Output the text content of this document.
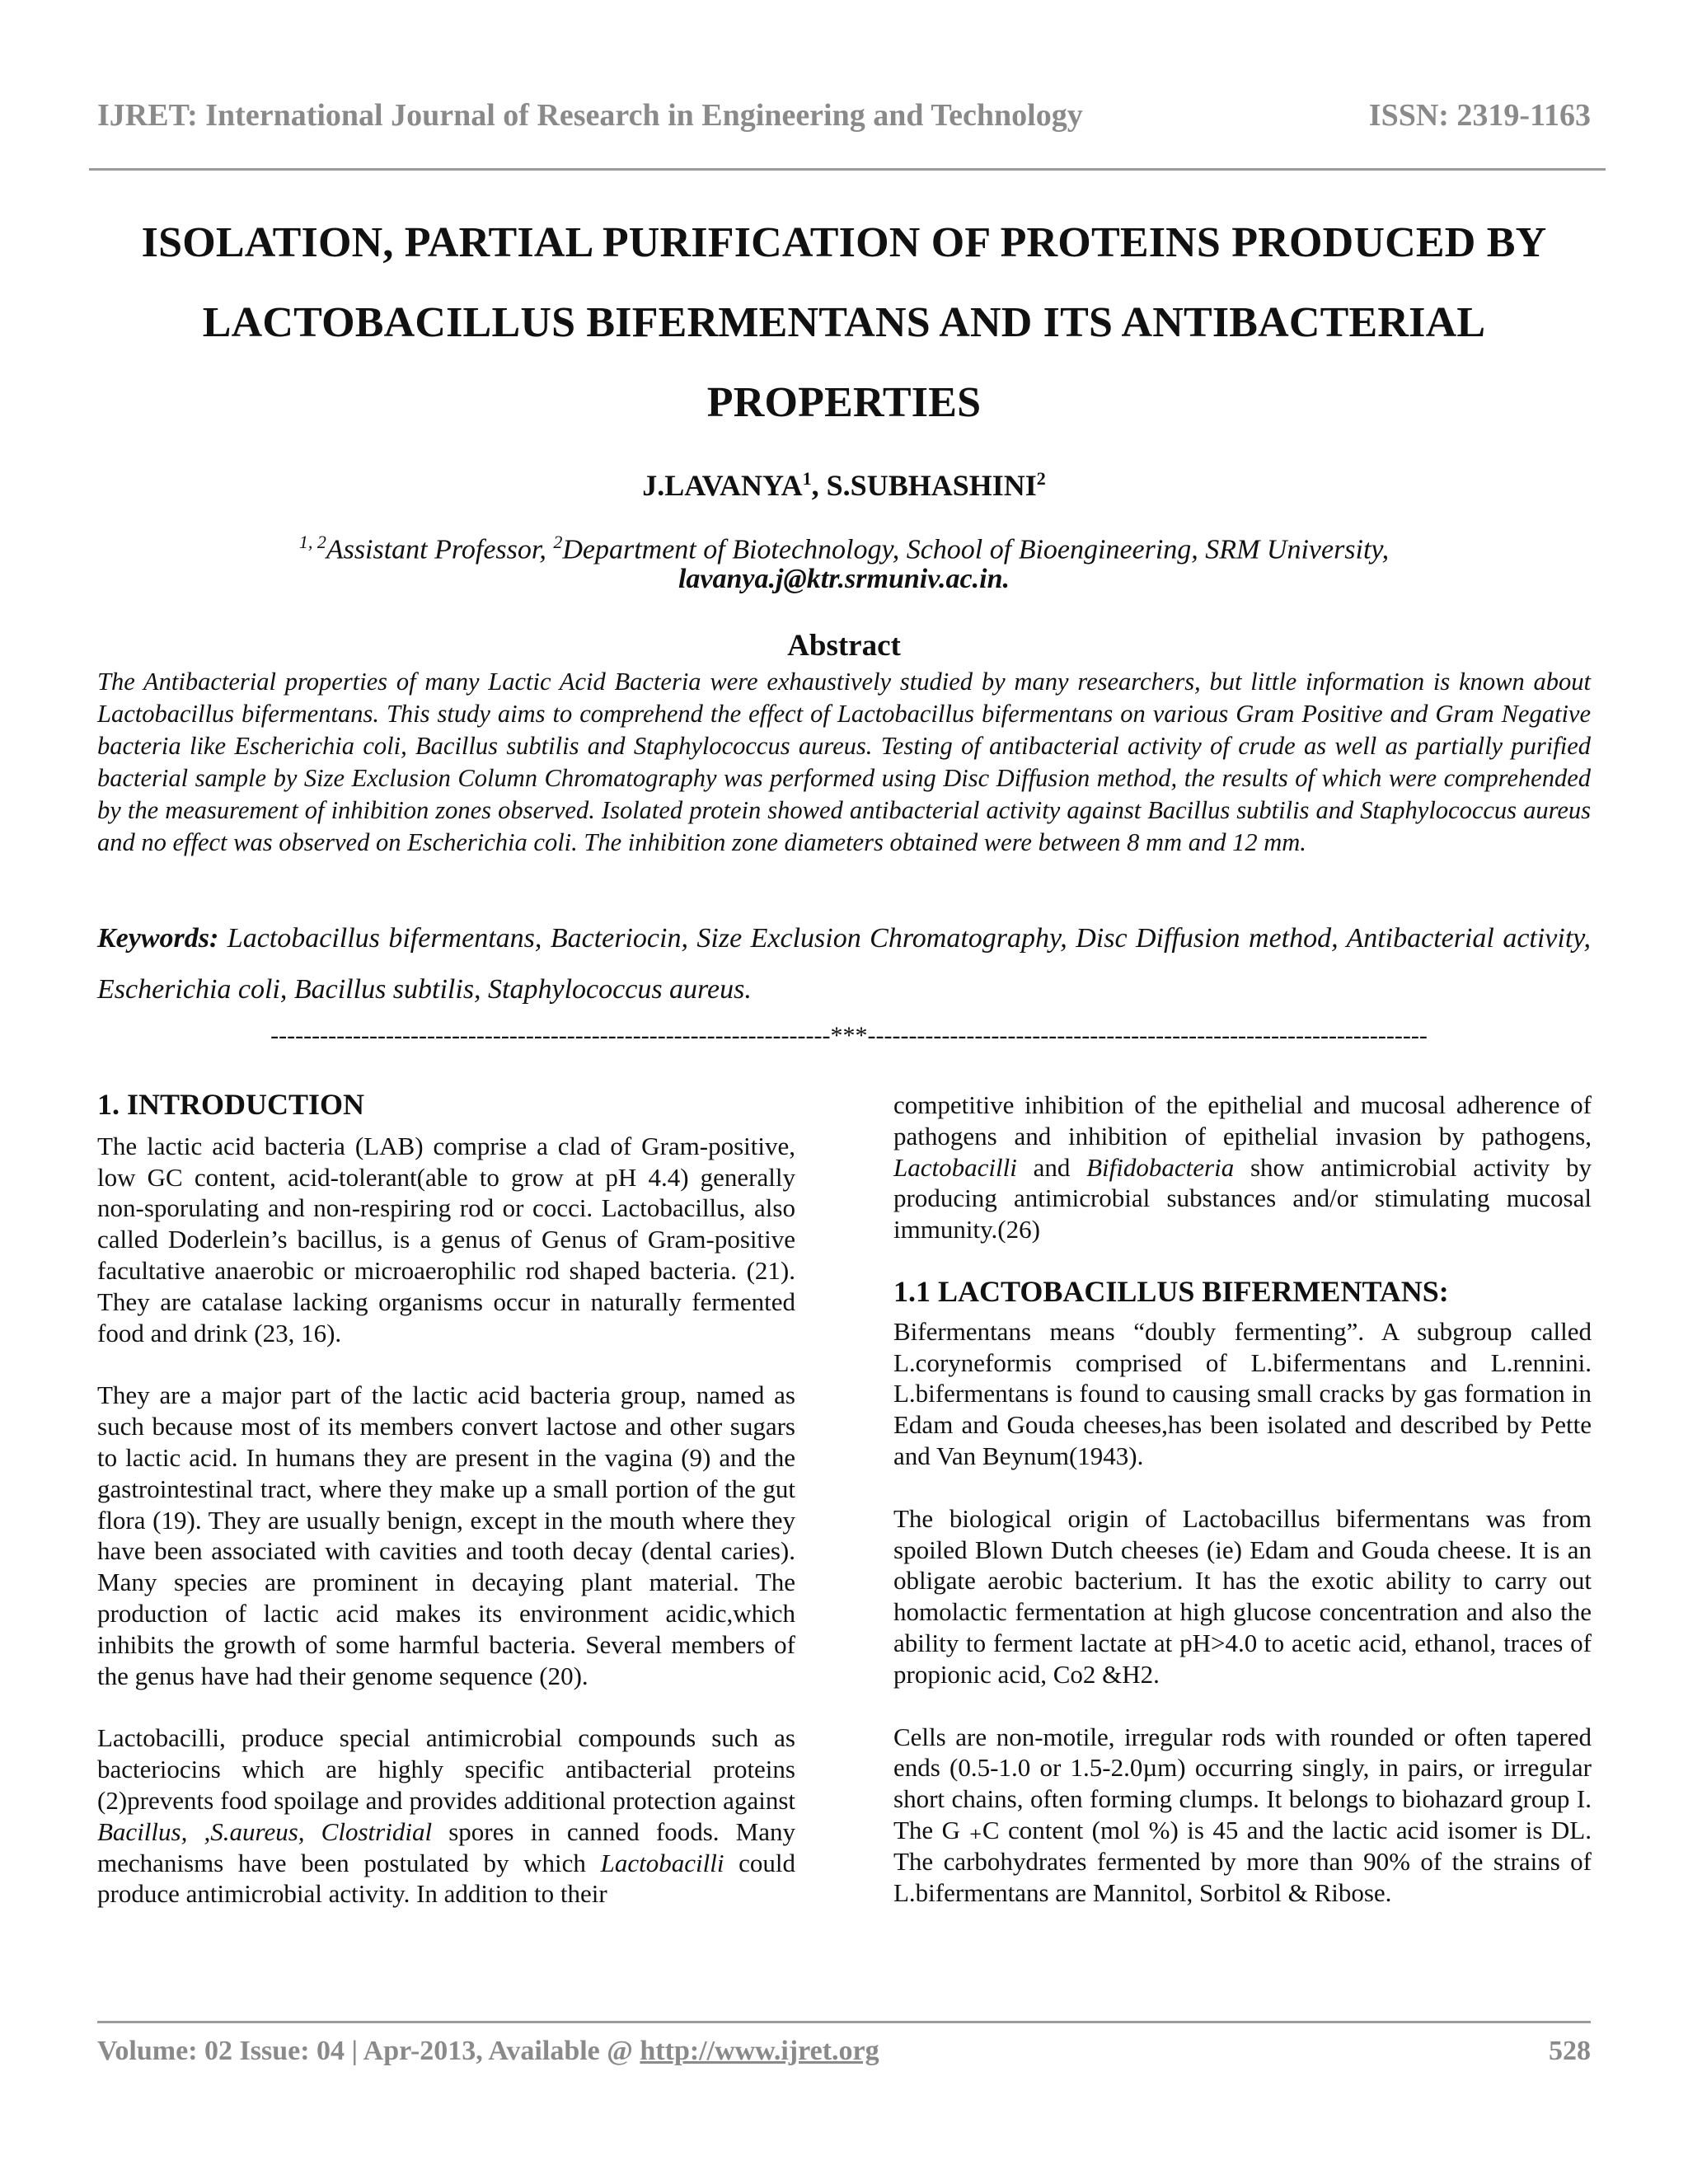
IJRET: International Journal of Research in Engineering and Technology	ISSN: 2319-1163
ISOLATION, PARTIAL PURIFICATION OF PROTEINS PRODUCED BY
LACTOBACILLUS BIFERMENTANS AND ITS ANTIBACTERIAL
PROPERTIES
J.LAVANYA$^1$, S.SUBHASHINI$^2$
$^{1, 2}$Assistant Professor, $^2$Department of Biotechnology, School of Bioengineering, SRM University,
lavanya.j@ktr.srmuniv.ac.in.
Abstract

The Antibacterial properties of many Lactic Acid Bacteria were exhaustively studied by many researchers, but little information is known about Lactobacillus bifermentans. This study aims to comprehend the effect of Lactobacillus bifermentans on various Gram Positive and Gram Negative bacteria like Escherichia coli, Bacillus subtilis and Staphylococcus aureus. Testing of antibacterial activity of crude as well as partially purified bacterial sample by Size Exclusion Column Chromatography was performed using Disc Diffusion method, the results of which were comprehended by the measurement of inhibition zones observed. Isolated protein showed antibacterial activity against Bacillus subtilis and Staphylococcus aureus and no effect was observed on Escherichia coli. The inhibition zone diameters obtained were between 8 mm and 12 mm.

Keywords: Lactobacillus bifermentans, Bacteriocin, Size Exclusion Chromatography, Disc Diffusion method, Antibacterial activity, Escherichia coli, Bacillus subtilis, Staphylococcus aureus.

--------------------------------------------------------------------***--------------------------------------------------------------------
1. INTRODUCTION

The lactic acid bacteria (LAB) comprise a clad of Gram-positive, low GC content, acid-tolerant(able to grow at pH 4.4) generally non-sporulating and non-respiring rod or cocci. Lactobacillus, also called Doderlein’s bacillus, is a genus of Genus of Gram-positive facultative anaerobic or microaerophilic rod shaped bacteria. (21). They are catalase lacking organisms occur in naturally fermented food and drink (23, 16).

They are a major part of the lactic acid bacteria group, named as such because most of its members convert lactose and other sugars to lactic acid. In humans they are present in the vagina (9) and the gastrointestinal tract, where they make up a small portion of the gut flora (19). They are usually benign, except in the mouth where they have been associated with cavities and tooth decay (dental caries). Many species are prominent in decaying plant material. The production of lactic acid makes its environment acidic,which inhibits the growth of some harmful bacteria. Several members of the genus have had their genome sequence (20).

Lactobacilli, produce special antimicrobial compounds such as bacteriocins which are highly specific antibacterial proteins (2)prevents food spoilage and provides additional protection against Bacillus, ,S.aureus, Clostridial spores in canned foods. Many mechanisms have been postulated by which Lactobacilli could produce antimicrobial activity. In addition to their

competitive inhibition of the epithelial and mucosal adherence of pathogens and inhibition of epithelial invasion by pathogens, Lactobacilli and Bifidobacteria show antimicrobial activity by producing antimicrobial substances and/or stimulating mucosal immunity.(26)

1.1 LACTOBACILLUS BIFERMENTANS:

Bifermentans means “doubly fermenting”. A subgroup called L.coryneformis comprised of L.bifermentans and L.rennini. L.bifermentans is found to causing small cracks by gas formation in Edam and Gouda cheeses,has been isolated and described by Pette and Van Beynum(1943).

The biological origin of Lactobacillus bifermentans was from spoiled Blown Dutch cheeses (ie) Edam and Gouda cheese. It is an obligate aerobic bacterium. It has the exotic ability to carry out homolactic fermentation at high glucose concentration and also the ability to ferment lactate at pH>4.0 to acetic acid, ethanol, traces of propionic acid, Co2 &H2.

Cells are non-motile, irregular rods with rounded or often tapered ends (0.5-1.0 or 1.5-2.0µm) occurring singly, in pairs, or irregular short chains, often forming clumps. It belongs to biohazard group I. The G ₊C content (mol %) is 45 and the lactic acid isomer is DL. The carbohydrates fermented by more than 90% of the strains of L.bifermentans are Mannitol, Sorbitol & Ribose.

Volume: 02 Issue: 04 | Apr-2013, Available @ http://www.ijret.org	528
